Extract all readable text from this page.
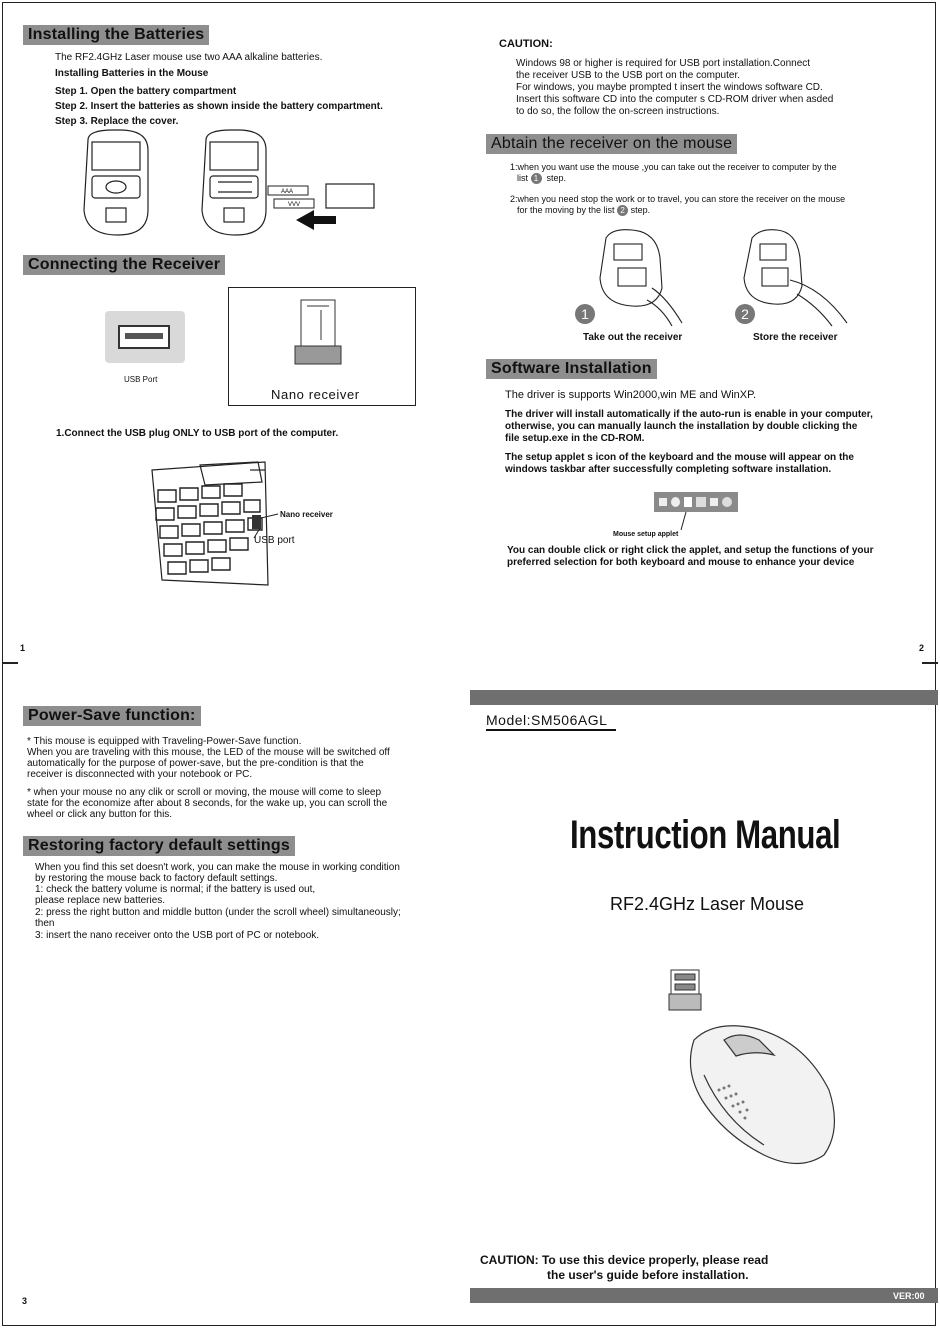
Installing the Batteries
The RF2.4GHz Laser mouse use two AAA alkaline batteries.
Installing Batteries in the Mouse
Step 1. Open the battery compartment
Step 2. Insert the batteries as shown inside the battery compartment.
Step 3. Replace the cover.
AAA
VVV
Connecting the Receiver
USB Port
Nano receiver
1.Connect the USB plug ONLY to USB port of the computer.
Nano receiver
USB port
1
CAUTION:
Windows 98 or higher is required for USB port installation.Connect
the receiver USB to the USB port on the computer.
For windows, you maybe prompted t insert the windows software CD.
Insert this software CD into the computer s CD-ROM driver when asded
to do so, the follow the on-screen instructions.
Abtain the receiver on the mouse
1:when you want use the mouse ,you can take out the receiver to computer by the
list 1 step.
2:when you need stop the work or to travel, you can store the receiver on the mouse
for the moving by the list 2 step.
1	2
Take out the receiver	Store the receiver
Software Installation
The driver is supports Win2000,win ME and WinXP.
The driver will install automatically if the auto-run is enable in your computer,
otherwise, you can manually launch the installation by double clicking the
file setup.exe in the CD-ROM.
The setup applet s icon of the keyboard and the mouse will appear on the
windows taskbar after successfully completing software installation.
Mouse setup applet
You can double click or right click the applet, and setup the functions of your
preferred selection for both keyboard and mouse to enhance your device
2
Power-Save function:
* This mouse is equipped with Traveling-Power-Save function.
When you are traveling with this mouse, the LED of the mouse will be switched off
automatically for the purpose of power-save, but the pre-condition is that the
receiver is disconnected with your notebook or PC.
* when your mouse no any clik or scroll or moving, the mouse will come to sleep
state for the economize after about 8 seconds, for the wake up, you can scroll the
wheel or click any button for this.
Restoring factory default settings
When you find this set doesn't work, you can make the mouse in working condition
by restoring the mouse back to factory default settings.
1: check the battery volume is normal; if the battery is used out,
please replace new batteries.
2: press the right button and middle button (under the scroll wheel) simultaneously;
then
3: insert the nano receiver onto the USB port of PC or notebook.
3
Model:SM506AGL
Instruction Manual
RF2.4GHz Laser Mouse
CAUTION: To use this device properly, please read
the user's guide before installation.
VER:00
